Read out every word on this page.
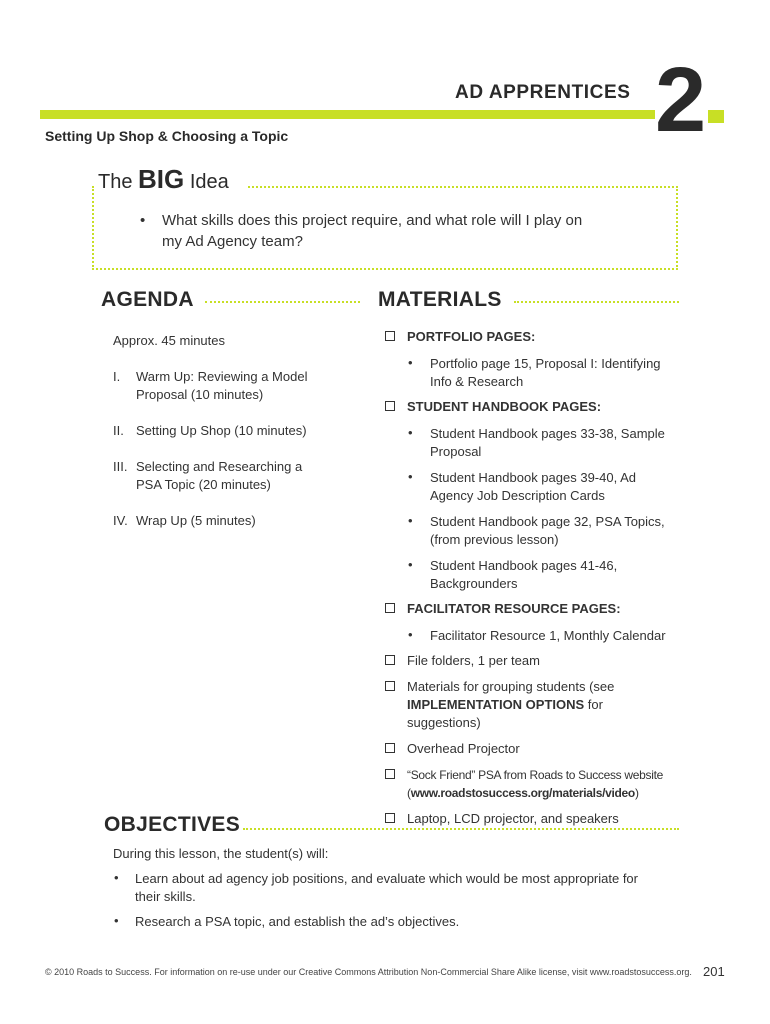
AD APPRENTICES 2
Setting Up Shop & Choosing a Topic
The BIG Idea
• What skills does this project require, and what role will I play on
my Ad Agency team?
AGENDA
Approx. 45 minutes
I.	Warm Up: Reviewing a Model
Proposal (10 minutes)
II. Setting Up Shop (10 minutes)
III. Selecting and Researching a
PSA Topic (20 minutes)
IV. Wrap Up (5 minutes)
MATERIALS
PORTFOLIO PAGES:
• Portfolio page 15, Proposal I: Identifying
Info & Research
STUDENT HANDBOOK PAGES:
• Student Handbook pages 33-38, Sample
Proposal
• Student Handbook pages 39-40, Ad
Agency Job Description Cards
• Student Handbook page 32, PSA Topics,
(from previous lesson)
• Student Handbook pages 41-46,
Backgrounders
FACILITATOR RESOURCE PAGES:
• Facilitator Resource 1, Monthly Calendar
File folders, 1 per team
Materials for grouping students (see
IMPLEMENTATION OPTIONS for
suggestions)
Overhead Projector
“Sock Friend” PSA from Roads to Success website
(www.roadstosuccess.org/materials/video)
Laptop, LCD projector, and speakers
OBJECTIVES
During this lesson, the student(s) will:
• Learn about ad agency job positions, and evaluate which would be most appropriate for
their skills.
• Research a PSA topic, and establish the ad’s objectives.
© 2010 Roads to Success. For information on re-use under our Creative Commons Attribution Non-Commercial Share Alike license, visit www.roadstosuccess.org. 201
